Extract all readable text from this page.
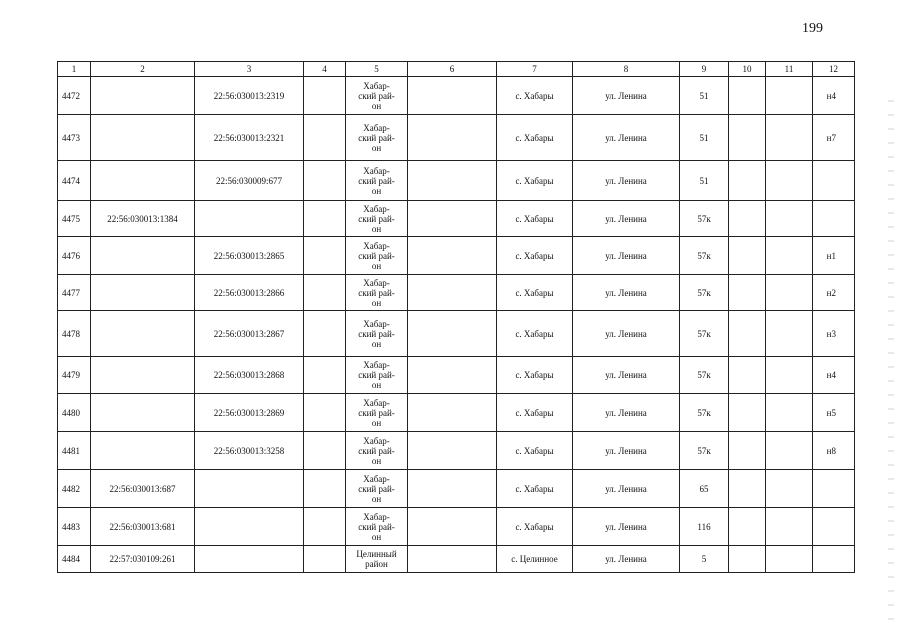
199
1	2	3	4	5	6	7	8	9	10	11	12
4472		22:56:030013:2319		Хабар-
ский рай-
он		с. Хабары	ул. Ленина	51			н4
4473		22:56:030013:2321		Хабар-
ский рай-
он		с. Хабары	ул. Ленина	51			н7
4474		22:56:030009:677		Хабар-
ский рай-
он		с. Хабары	ул. Ленина	51			
4475	22:56:030013:1384			Хабар-
ский рай-
он		с. Хабары	ул. Ленина	57к			
4476		22:56:030013:2865		Хабар-
ский рай-
он		с. Хабары	ул. Ленина	57к			н1
4477		22:56:030013:2866		Хабар-
ский рай-
он		с. Хабары	ул. Ленина	57к			н2
4478		22:56:030013:2867		Хабар-
ский рай-
он		с. Хабары	ул. Ленина	57к			н3
4479		22:56:030013:2868		Хабар-
ский рай-
он		с. Хабары	ул. Ленина	57к			н4
4480		22:56:030013:2869		Хабар-
ский рай-
он		с. Хабары	ул. Ленина	57к			н5
4481		22:56:030013:3258		Хабар-
ский рай-
он		с. Хабары	ул. Ленина	57к			н8
4482	22:56:030013:687			Хабар-
ский рай-
он		с. Хабары	ул. Ленина	65			
4483	22:56:030013:681			Хабар-
ский рай-
он		с. Хабары	ул. Ленина	116			
4484	22:57:030109:261			Целинный
район		с. Целинное	ул. Ленина	5			
